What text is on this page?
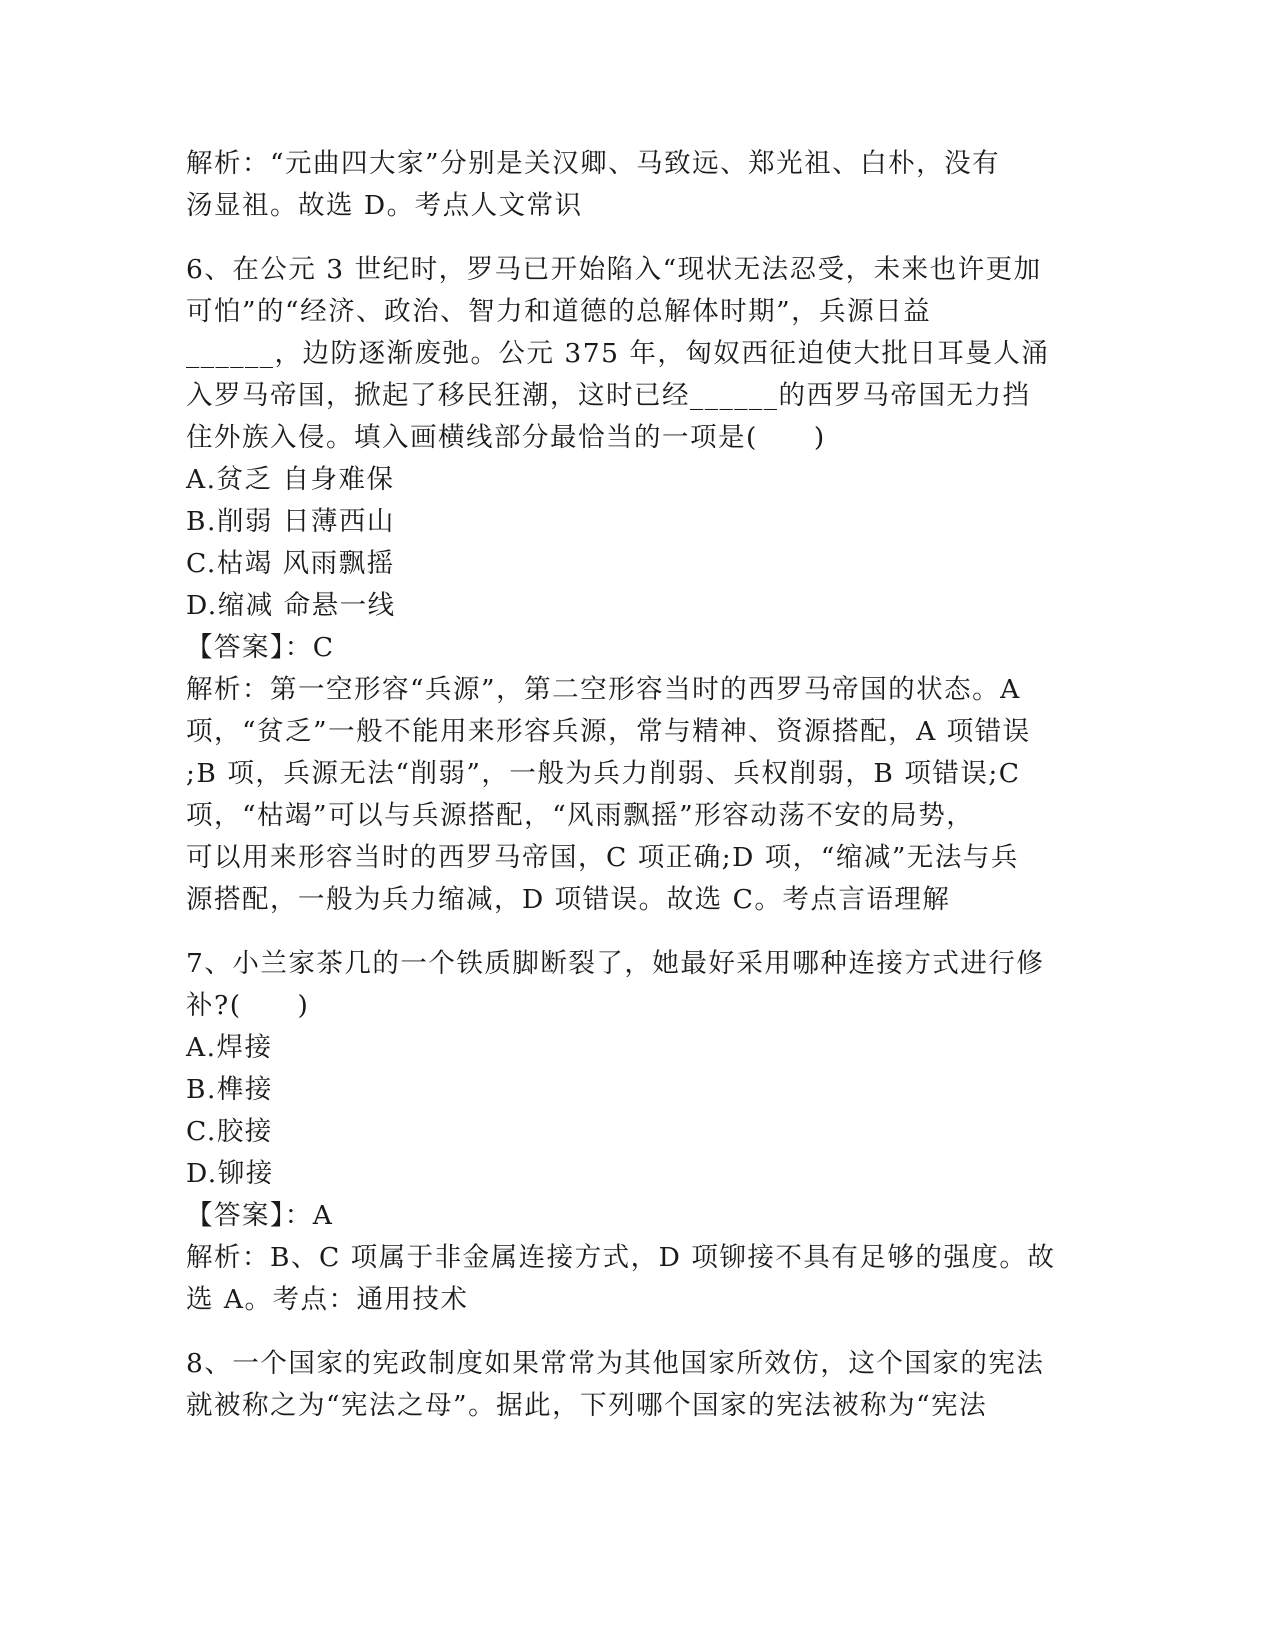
解析：“元曲四大家”分别是关汉卿、马致远、郑光祖、白朴，没有
汤显祖。故选 D。考点人文常识
6、在公元 3 世纪时，罗马已开始陷入“现状无法忍受，未来也许更加
可怕”的“经济、政治、智力和道德的总解体时期”，兵源日益
______，边防逐渐废弛。公元 375 年，匈奴西征迫使大批日耳曼人涌
入罗马帝国，掀起了移民狂潮，这时已经______的西罗马帝国无力挡
住外族入侵。填入画横线部分最恰当的一项是(　　)
A.贫乏 自身难保
B.削弱 日薄西山
C.枯竭 风雨飘摇
D.缩减 命悬一线
【答案】：C
解析：第一空形容“兵源”，第二空形容当时的西罗马帝国的状态。A
项，“贫乏”一般不能用来形容兵源，常与精神、资源搭配，A 项错误
;B 项，兵源无法“削弱”，一般为兵力削弱、兵权削弱，B 项错误;C
项，“枯竭”可以与兵源搭配，“风雨飘摇”形容动荡不安的局势，
可以用来形容当时的西罗马帝国，C 项正确;D 项，“缩减”无法与兵
源搭配，一般为兵力缩减，D 项错误。故选 C。考点言语理解
7、小兰家茶几的一个铁质脚断裂了，她最好采用哪种连接方式进行修
补?(　　)
A.焊接
B.榫接
C.胶接
D.铆接
【答案】：A
解析：B、C 项属于非金属连接方式，D 项铆接不具有足够的强度。故
选 A。考点：通用技术
8、一个国家的宪政制度如果常常为其他国家所效仿，这个国家的宪法
就被称之为“宪法之母”。据此，下列哪个国家的宪法被称为“宪法
